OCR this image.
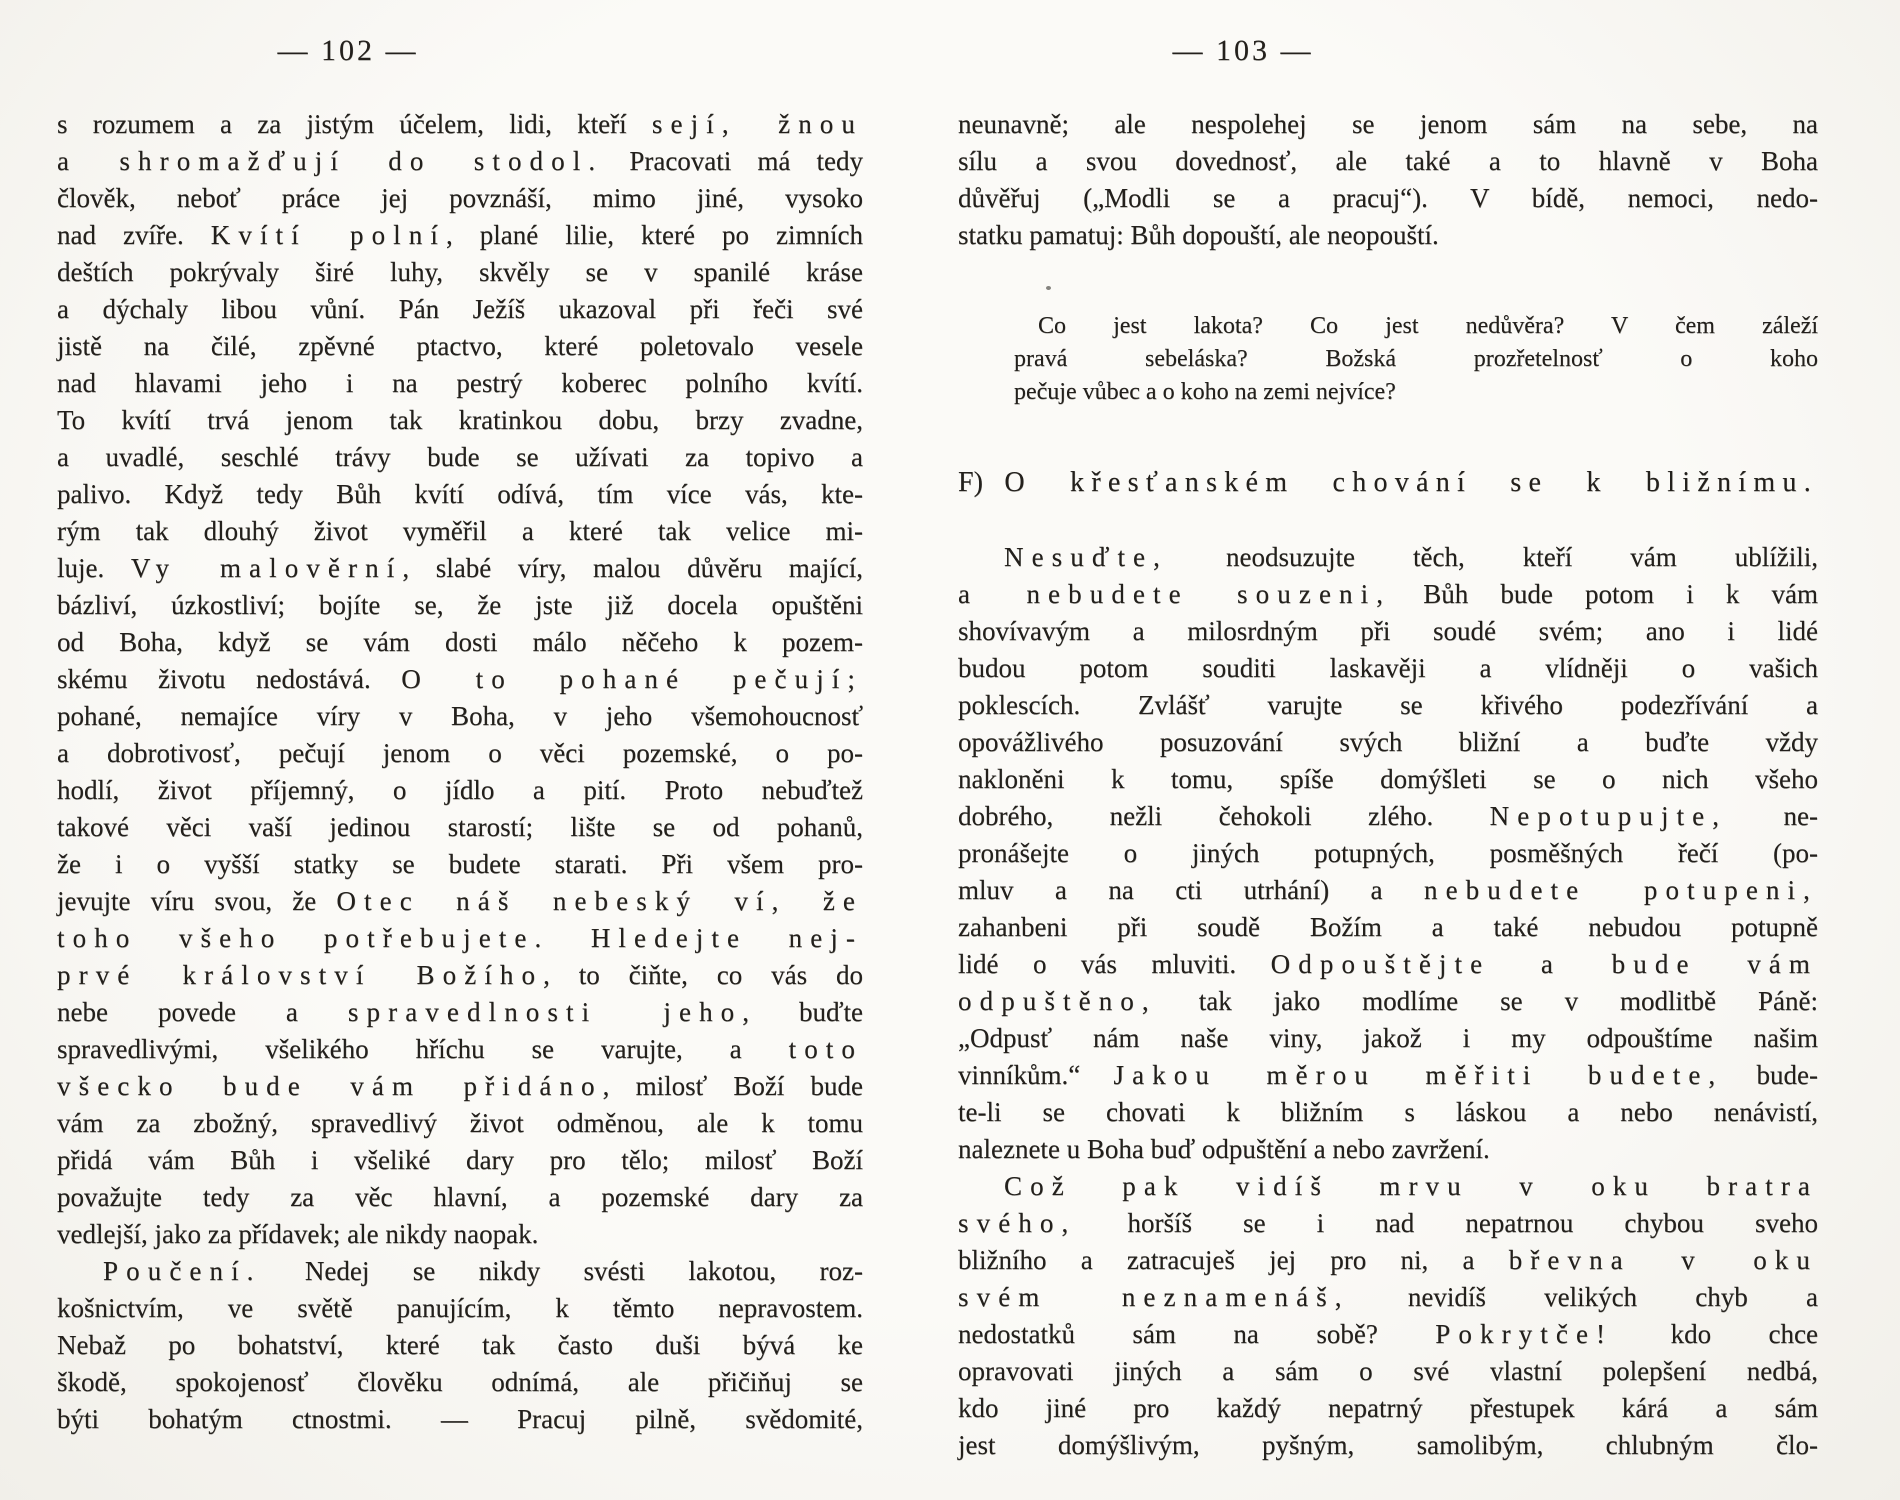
— 102 —	— 103 —
s rozumem a za jistým účelem, lidi, kteří sejí, žnou
a shromažďují do stodol. Pracovati má tedy
člověk, neboť práce jej povznáší, mimo jiné, vysoko
nad zvíře. Kvítí polní, plané lilie, které po zimních
deštích pokrývaly širé luhy, skvěly se v spanilé kráse
a dýchaly libou vůní. Pán Ježíš ukazoval při řeči své
jistě na čilé, zpěvné ptactvo, které poletovalo vesele
nad hlavami jeho i na pestrý koberec polního kvítí.
To kvítí trvá jenom tak kratinkou dobu, brzy zvadne,
a uvadlé, seschlé trávy bude se užívati za topivo a
palivo. Když tedy Bůh kvítí odívá, tím více vás, kte-
rým tak dlouhý život vyměřil a které tak velice mi-
luje. Vy malověrní, slabé víry, malou důvěru mající,
bázliví, úzkostliví; bojíte se, že jste již docela opuštěni
od Boha, když se vám dosti málo něčeho k pozem-
skému životu nedostává. O to pohané pečují;
pohané, nemajíce víry v Boha, v jeho všemohoucnosť
a dobrotivosť, pečují jenom o věci pozemské, o po-
hodlí, život příjemný, o jídlo a pití. Proto nebuďtež
takové věci vaší jedinou starostí; lište se od pohanů,
že i o vyšší statky se budete starati. Při všem pro-
jevujte víru svou, že Otec náš nebeský ví, že
toho všeho potřebujete. Hledejte nej-
prvé království Božího, to čiňte, co vás do
nebe povede a spravedlnosti jeho, buďte
spravedlivými, všelikého hříchu se varujte, a toto
všecko bude vám přidáno, milosť Boží bude
vám za zbožný, spravedlivý život odměnou, ale k tomu
přidá vám Bůh i všeliké dary pro tělo; milosť Boží
považujte tedy za věc hlavní, a pozemské dary za
vedlejší, jako za přídavek; ale nikdy naopak.
Poučení. Nedej se nikdy svésti lakotou, roz-
košnictvím, ve světě panujícím, k těmto nepravostem.
Nebaž po bohatství, které tak často duši bývá ke
škodě, spokojenosť člověku odnímá, ale přičiňuj se
býti bohatým ctnostmi. — Pracuj pilně, svědomité,
neunavně; ale nespolehej se jenom sám na sebe, na
sílu a svou dovednosť, ale také a to hlavně v Boha
důvěřuj („Modli se a pracuj“). V bídě, nemoci, nedo-
statku pamatuj: Bůh dopouští, ale neopouští.
Co jest lakota? Co jest nedůvěra? V čem záleží
pravá sebeláska? Božská prozřetelnosť o koho
pečuje vůbec a o koho na zemi nejvíce?
F) O křesťanském chování se k bližnímu.
Nesuďte, neodsuzujte těch, kteří vám ublížili,
a nebudete souzeni, Bůh bude potom i k vám
shovívavým a milosrdným při soudé svém; ano i lidé
budou potom souditi laskavěji a vlídněji o vašich
poklescích. Zvlášť varujte se křivého podezřívání a
opovážlivého posuzování svých bližní a buďte vždy
nakloněni k tomu, spíše domýšleti se o nich všeho
dobrého, nežli čehokoli zlého. Nepotupujte, ne-
pronášejte o jiných potupných, posměšných řečí (po-
mluv a na cti utrhání) a nebudete potupeni,
zahanbeni při soudě Božím a také nebudou potupně
lidé o vás mluviti. Odpouštějte a bude vám
odpuštěno, tak jako modlíme se v modlitbě Páně:
„Odpusť nám naše viny, jakož i my odpouštíme našim
vinníkům.“ Jakou měrou měřiti budete, bude-
te-li se chovati k bližním s láskou a nebo nenávistí,
naleznete u Boha buď odpuštění a nebo zavržení.
Což pak vidíš mrvu v oku bratra
svého, horšíš se i nad nepatrnou chybou sveho
bližního a zatracuješ jej pro ni, a břevna v oku
svém neznamenáš, nevidíš velikých chyb a
nedostatků sám na sobě? Pokrytče! kdo chce
opravovati jiných a sám o své vlastní polepšení nedbá,
kdo jiné pro každý nepatrný přestupek kárá a sám
jest domýšlivým, pyšným, samolibým, chlubným člo-
